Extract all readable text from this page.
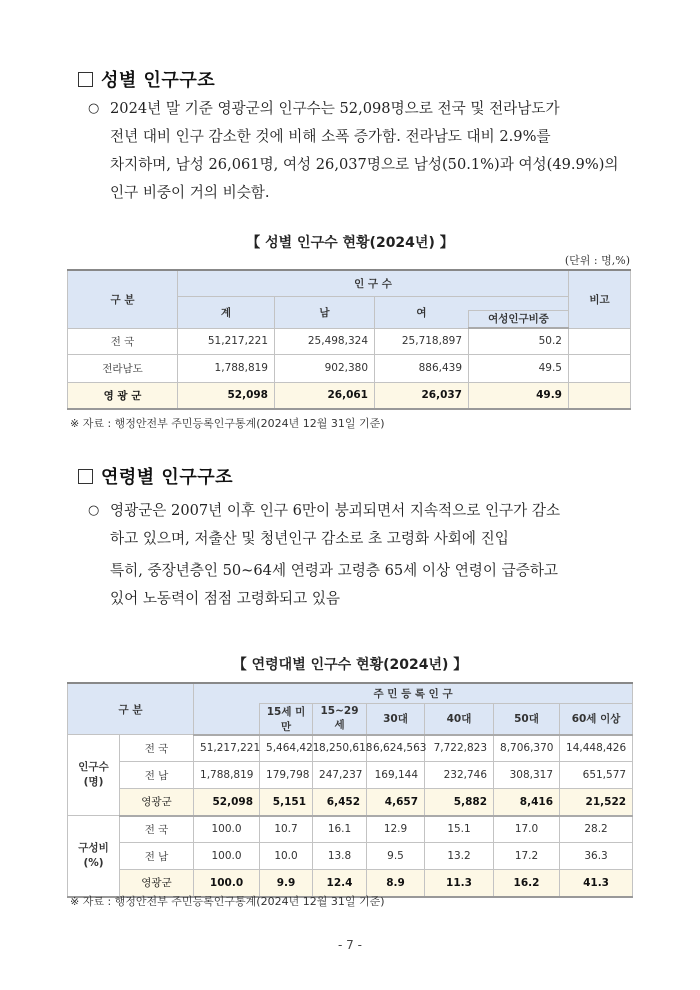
성별 인구구조
○ 2024년 말 기준 영광군의 인구수는 52,098명으로 전국 및 전라남도가
전년 대비 인구 감소한 것에 비해 소폭 증가함. 전라남도 대비 2.9%를
차지하며, 남성 26,061명, 여성 26,037명으로 남성(50.1%)과 여성(49.9%)의
인구 비중이 거의 비슷함.
【 성별 인구수 현황(2024년) 】
(단위 : 명,%)
구 분	인 구 수				비고
	계	남	여		
				여성인구비중	
전 국	51,217,221	25,498,324	25,718,897	50.2	
전라남도	1,788,819	902,380	886,439	49.5	
영 광 군	52,098	26,061	26,037	49.9	
※ 자료 : 행정안전부 주민등록인구통계(2024년 12월 31일 기준)
연령별 인구구조
○ 영광군은 2007년 이후 인구 6만이 붕괴되면서 지속적으로 인구가 감소
하고 있으며, 저출산 및 청년인구 감소로 초 고령화 사회에 진입
특히, 중장년층인 50~64세 연령과 고령층 65세 이상 연령이 급증하고
있어 노동력이 점점 고령화되고 있음
【 연령대별 인구수 현황(2024년) 】
구 분		주 민 등 록 인 구						
			15세 미만	15~29세	30대	40대	50대	60세 이상
인구수
(명)	전 국	51,217,221	5,464,421	8,250,618	6,624,563	7,722,823	8,706,370	14,448,426
	전 남	1,788,819	179,798	247,237	169,144	232,746	308,317	651,577
	영광군	52,098	5,151	6,452	4,657	5,882	8,416	21,522
구성비
(%)	전 국	100.0	10.7	16.1	12.9	15.1	17.0	28.2
	전 남	100.0	10.0	13.8	9.5	13.2	17.2	36.3
	영광군	100.0	9.9	12.4	8.9	11.3	16.2	41.3
※ 자료 : 행정안전부 주민등록인구통계(2024년 12월 31일 기준)
- 7 -
